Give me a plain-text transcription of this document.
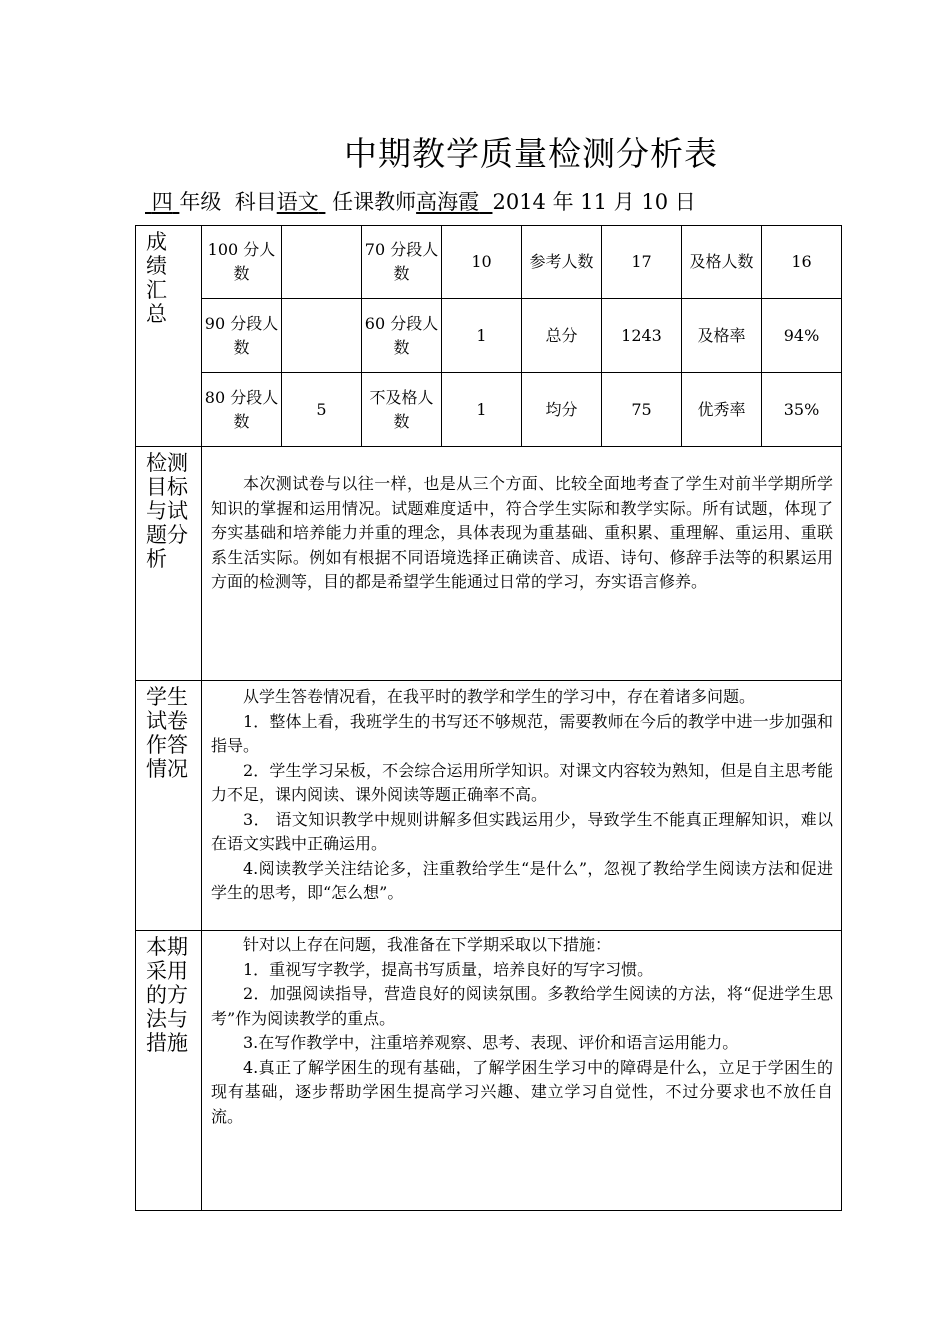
中期教学质量检测分析表
四 年级 科目语文 任课教师高海霞 2014 年 11 月 10 日
成绩汇总	100 分人数		70 分段人数	10	参考人数	17	及格人数	16
	90 分段人数		60 分段人数	1	总分	1243	及格率	94%
	80 分段人数	5	不及格人数	1	均分	75	优秀率	35%
检测目标与试题分析	本次测试卷与以往一样，也是从三个方面、比较全面地考查了学生对前半学期所学知识的掌握和运用情况。试题难度适中，符合学生实际和教学实际。所有试题，体现了夯实基础和培养能力并重的理念，具体表现为重基础、重积累、重理解、重运用、重联系生活实际。例如有根据不同语境选择正确读音、成语、诗句、修辞手法等的积累运用方面的检测等，目的都是希望学生能通过日常的学习，夯实语言修养。							

学生试卷作答情况	从学生答卷情况看，在我平时的教学和学生的学习中，存在着诸多问题。

1．整体上看，我班学生的书写还不够规范，需要教师在今后的教学中进一步加强和指导。

2．学生学习呆板，不会综合运用所学知识。对课文内容较为熟知，但是自主思考能力不足，课内阅读、课外阅读等题正确率不高。

3． 语文知识教学中规则讲解多但实践运用少，导致学生不能真正理解知识，难以在语文实践中正确运用。

4.阅读教学关注结论多，注重教给学生“是什么”，忽视了教给学生阅读方法和促进学生的思考，即“怎么想”。							

本期采用的方法与措施	针对以上存在问题，我准备在下学期采取以下措施：

1．重视写字教学，提高书写质量，培养良好的写字习惯。

2．加强阅读指导，营造良好的阅读氛围。多教给学生阅读的方法，将“促进学生思考”作为阅读教学的重点。

3.在写作教学中，注重培养观察、思考、表现、评价和语言运用能力。

4.真正了解学困生的现有基础，了解学困生学习中的障碍是什么，立足于学困生的现有基础，逐步帮助学困生提高学习兴趣、建立学习自觉性，不过分要求也不放任自流。							
